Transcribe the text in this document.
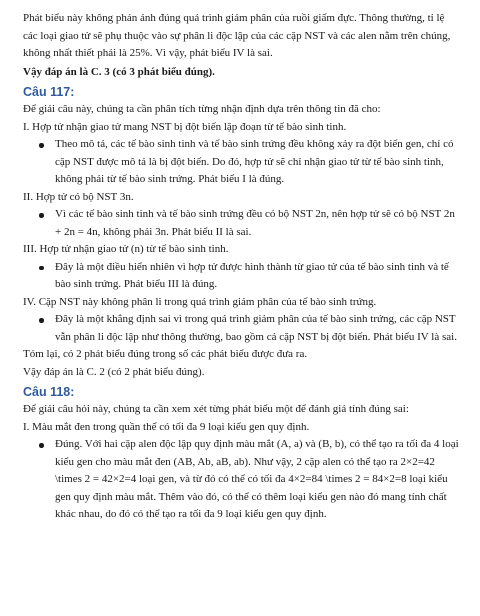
Phát biểu này không phản ánh đúng quá trình giảm phân của ruồi giấm đực. Thông thường, tỉ lệ các loại giao tử sẽ phụ thuộc vào sự phân li độc lập của các cặp NST và các alen nằm trên chúng, không nhất thiết phải là 25%. Vì vậy, phát biểu IV là sai.

Vậy đáp án là C. 3 (có 3 phát biểu đúng).

Câu 117:

Để giải câu này, chúng ta cần phân tích từng nhận định dựa trên thông tin đã cho:

I. Hợp tử nhận giao tử mang NST bị đột biến lặp đoạn từ tế bào sinh tinh.

Theo mô tả, các tế bào sinh tinh và tế bào sinh trứng đều không xảy ra đột biến gen, chỉ có cặp NST được mô tả là bị đột biến. Do đó, hợp tử sẽ chỉ nhận giao tử từ tế bào sinh tinh, không phải từ tế bào sinh trứng. Phát biểu I là đúng.

II. Hợp tử có bộ NST 3n.

Vì các tế bào sinh tinh và tế bào sinh trứng đều có bộ NST 2n, nên hợp tử sẽ có bộ NST 2n + 2n = 4n, không phải 3n. Phát biểu II là sai.

III. Hợp tử nhận giao tử (n) từ tế bào sinh tinh.

Đây là một điều hiển nhiên vì hợp tử được hình thành từ giao tử của tế bào sinh tinh và tế bào sinh trứng. Phát biểu III là đúng.

IV. Cặp NST này không phân li trong quá trình giảm phân của tế bào sinh trứng.

Đây là một khẳng định sai vì trong quá trình giảm phân của tế bào sinh trứng, các cặp NST vẫn phân li độc lập như thông thường, bao gồm cả cặp NST bị đột biến. Phát biểu IV là sai.

Tóm lại, có 2 phát biểu đúng trong số các phát biểu được đưa ra.

Vậy đáp án là C. 2 (có 2 phát biểu đúng).

Câu 118:

Để giải câu hỏi này, chúng ta cần xem xét từng phát biểu một để đánh giá tính đúng sai:

I. Màu mắt đen trong quần thể có tối đa 9 loại kiểu gen quy định.

Đúng. Với hai cặp alen độc lập quy định màu mắt (A, a) và (B, b), có thể tạo ra tối đa 4 loại kiểu gen cho màu mắt đen (AB, Ab, aB, ab). Như vậy, 2 cặp alen có thể tạo ra 2×2=42 \times 2 = 42×2=4 loại gen, và từ đó có thể có tối đa 4×2=84 \times 2 = 84×2=8 loại kiểu gen quy định màu mắt. Thêm vào đó, có thể có thêm loại kiểu gen nào đó mang tính chất khác nhau, do đó có thể tạo ra tối đa 9 loại kiểu gen quy định.
